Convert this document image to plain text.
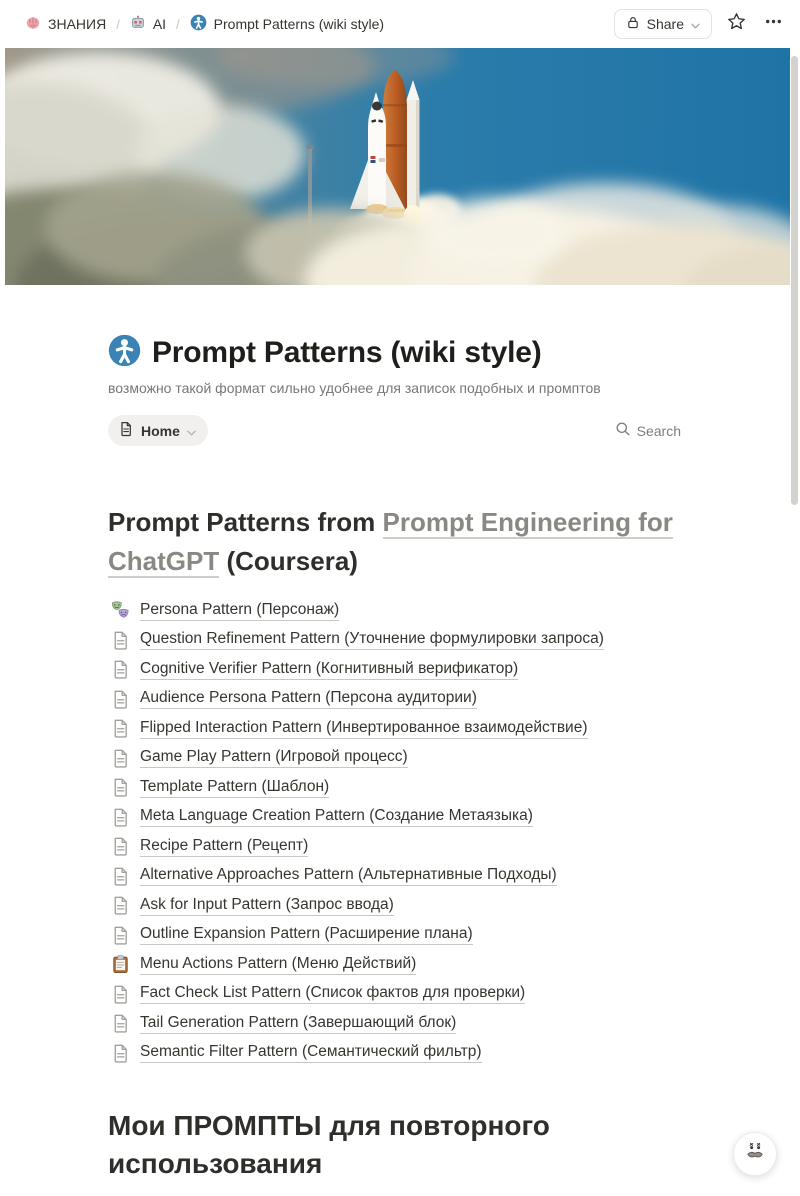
ЗНАНИЯ / AI / Prompt Patterns (wiki style)	Share
Prompt Patterns (wiki style)
возможно такой формат сильно удобнее для записок подобных и промптов
Home	Search
Prompt Patterns from Prompt Engineering for ChatGPT (Coursera)
Persona Pattern (Персонаж)
Question Refinement Pattern (Уточнение формулировки запроса)
Cognitive Verifier Pattern (Когнитивный верификатор)
Audience Persona Pattern (Персона аудитории)
Flipped Interaction Pattern (Инвертированное взаимодействие)
Game Play Pattern (Игровой процесс)
Template Pattern (Шаблон)
Meta Language Creation Pattern (Создание Метаязыка)
Recipe Pattern (Рецепт)
Alternative Approaches Pattern (Альтернативные Подходы)
Ask for Input Pattern (Запрос ввода)
Outline Expansion Pattern (Расширение плана)
Menu Actions Pattern (Меню Действий)
Fact Check List Pattern (Список фактов для проверки)
Tail Generation Pattern (Завершающий блок)
Semantic Filter Pattern (Семантический фильтр)
Мои ПРОМПТЫ для повторного использования
